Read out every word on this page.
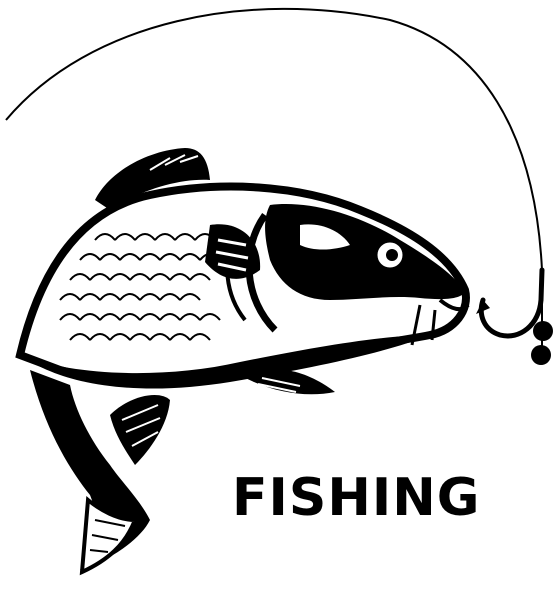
FISHING
